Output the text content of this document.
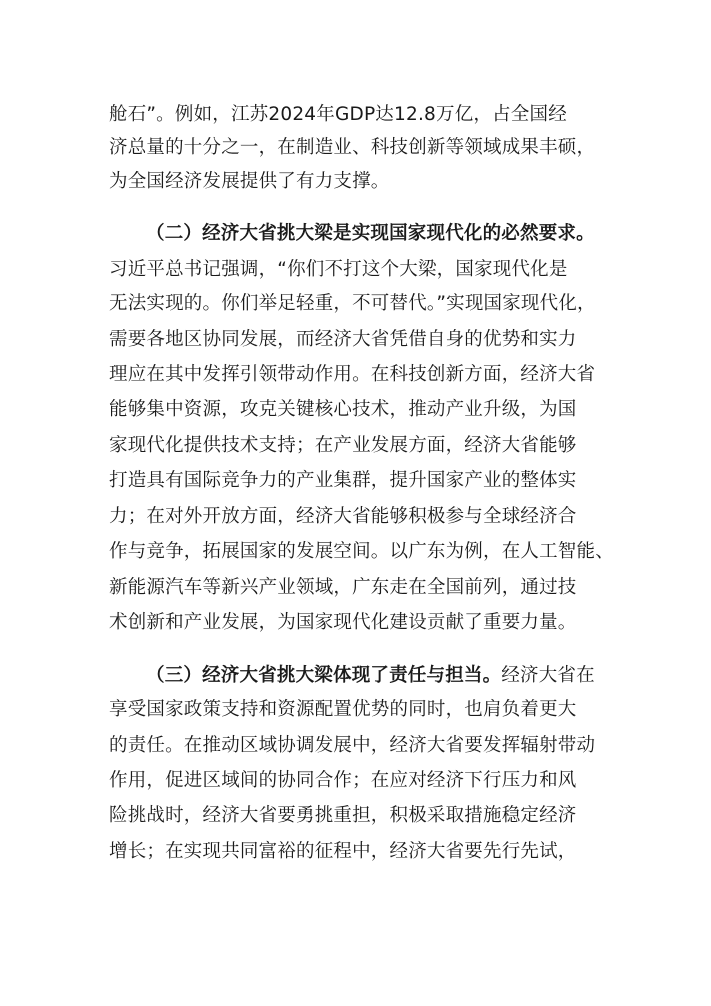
舱石”。例如，江苏2024年GDP达12.8万亿，占全国经
济总量的十分之一，在制造业、科技创新等领域成果丰硕，
为全国经济发展提供了有力支撑。
（二）经济大省挑大梁是实现国家现代化的必然要求。
习近平总书记强调，“你们不打这个大梁，国家现代化是
无法实现的。你们举足轻重，不可替代。”实现国家现代化，
需要各地区协同发展，而经济大省凭借自身的优势和实力
理应在其中发挥引领带动作用。在科技创新方面，经济大省
能够集中资源，攻克关键核心技术，推动产业升级，为国
家现代化提供技术支持；在产业发展方面，经济大省能够
打造具有国际竞争力的产业集群，提升国家产业的整体实
力；在对外开放方面，经济大省能够积极参与全球经济合
作与竞争，拓展国家的发展空间。以广东为例，在人工智能、
新能源汽车等新兴产业领域，广东走在全国前列，通过技
术创新和产业发展，为国家现代化建设贡献了重要力量。
（三）经济大省挑大梁体现了责任与担当。经济大省在
享受国家政策支持和资源配置优势的同时，也肩负着更大
的责任。在推动区域协调发展中，经济大省要发挥辐射带动
作用，促进区域间的协同合作；在应对经济下行压力和风
险挑战时，经济大省要勇挑重担，积极采取措施稳定经济
增长；在实现共同富裕的征程中，经济大省要先行先试，
